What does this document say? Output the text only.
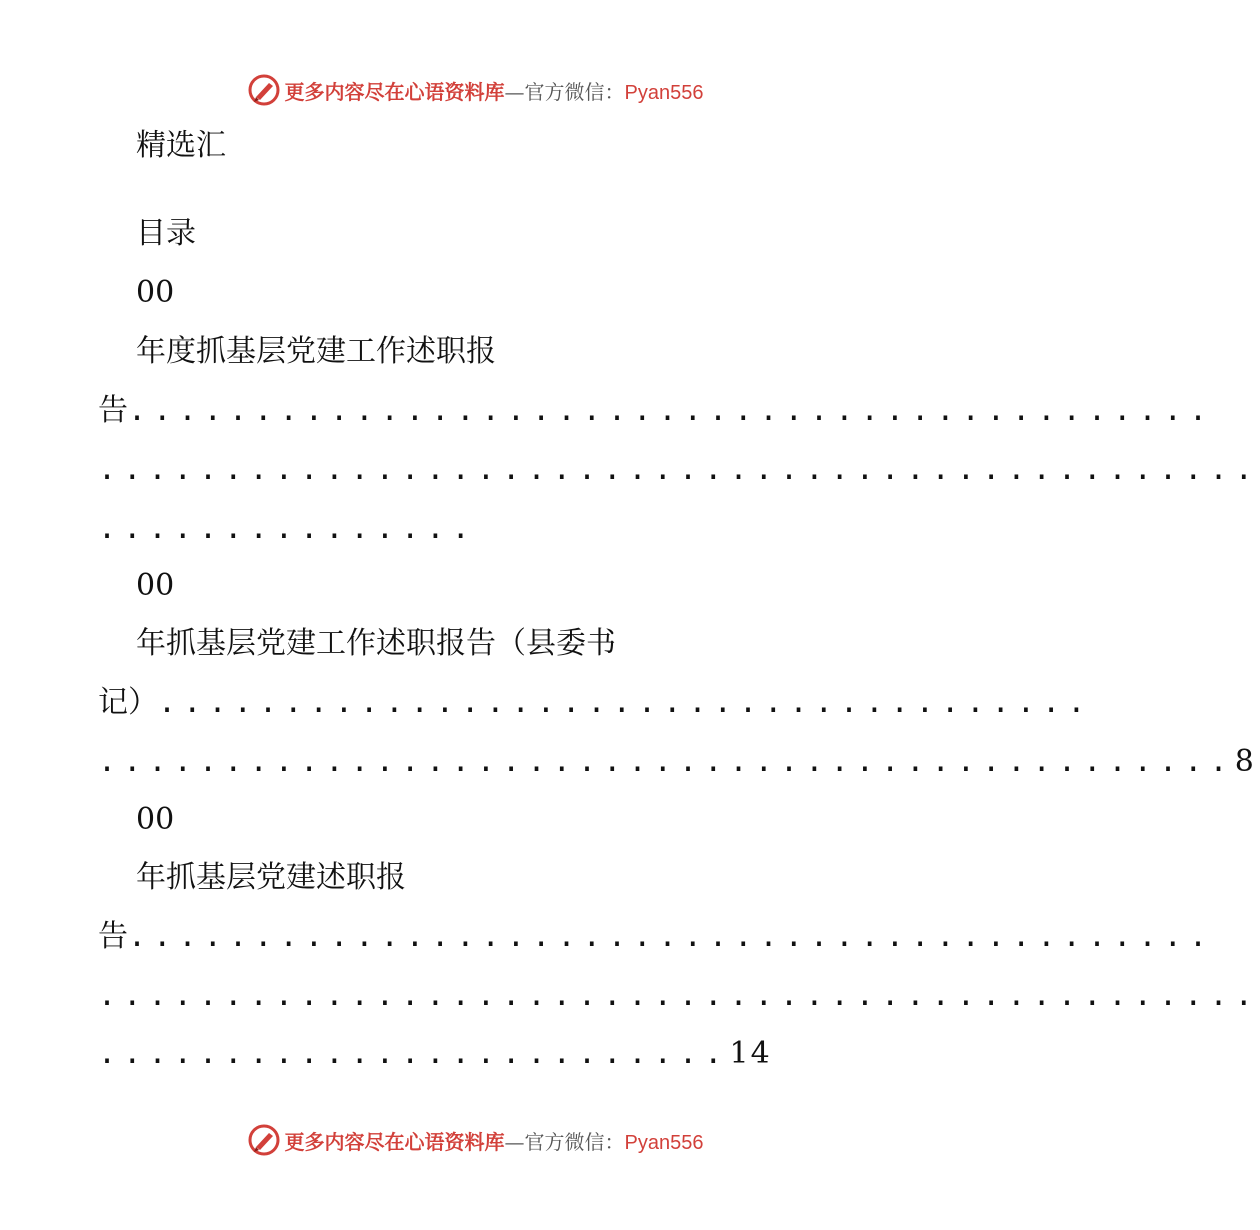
更多内容尽在心语资料库—官方微信：Pyan556
精选汇
目录
00
年度抓基层党建工作述职报
告...........................................
..............................................
...............
00
年抓基层党建工作述职报告（县委书
记）.....................................
.............................................8
00
年抓基层党建述职报
告...........................................
..............................................
.........................14
更多内容尽在心语资料库—官方微信：Pyan556
